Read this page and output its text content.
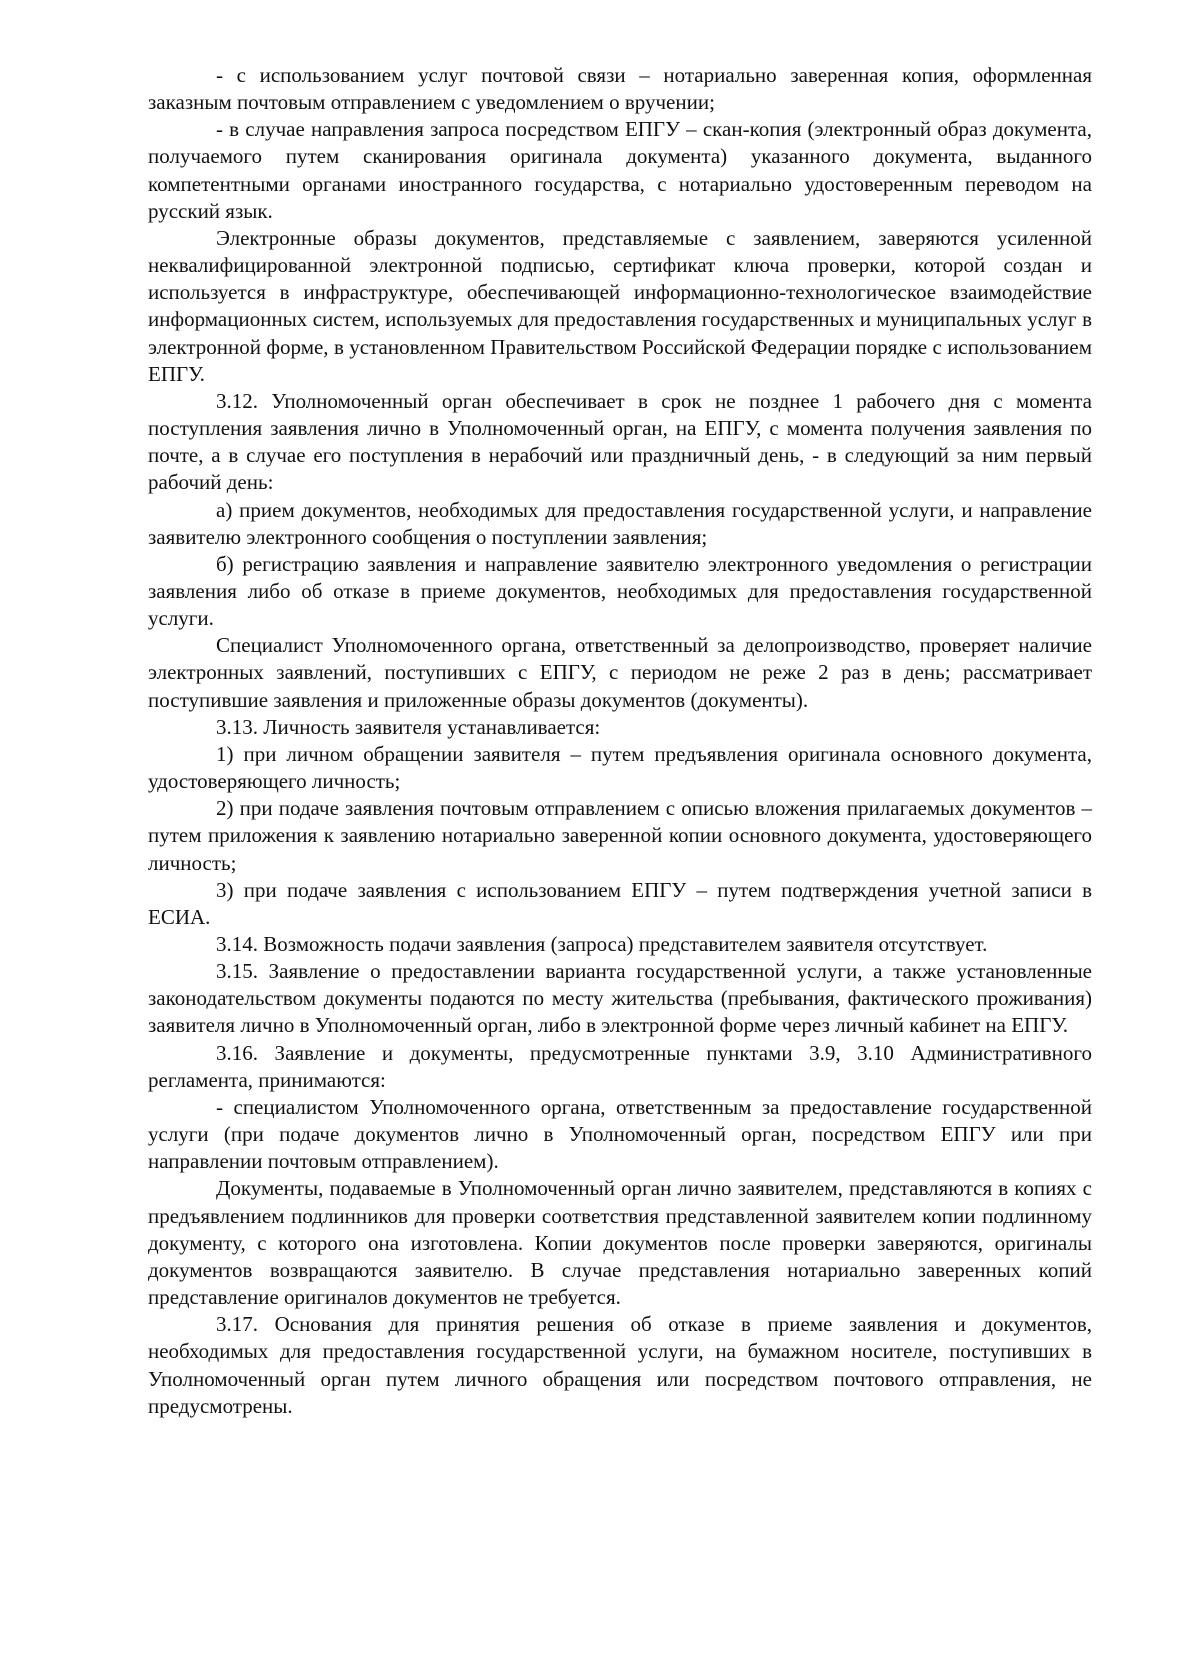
- с использованием услуг почтовой связи – нотариально заверенная копия, оформленная заказным почтовым отправлением с уведомлением о вручении;

- в случае направления запроса посредством ЕПГУ – скан-копия (электронный образ документа, получаемого путем сканирования оригинала документа) указанного документа, выданного компетентными органами иностранного государства, с нотариально удостоверенным переводом на русский язык.

Электронные образы документов, представляемые с заявлением, заверяются усиленной неквалифицированной электронной подписью, сертификат ключа проверки, которой создан и используется в инфраструктуре, обеспечивающей информационно-технологическое взаимодействие информационных систем, используемых для предоставления государственных и муниципальных услуг в электронной форме, в установленном Правительством Российской Федерации порядке с использованием ЕПГУ.

3.12. Уполномоченный орган обеспечивает в срок не позднее 1 рабочего дня с момента поступления заявления лично в Уполномоченный орган, на ЕПГУ, с момента получения заявления по почте, а в случае его поступления в нерабочий или праздничный день, - в следующий за ним первый рабочий день:

а) прием документов, необходимых для предоставления государственной услуги, и направление заявителю электронного сообщения о поступлении заявления;

б) регистрацию заявления и направление заявителю электронного уведомления о регистрации заявления либо об отказе в приеме документов, необходимых для предоставления государственной услуги.

Специалист Уполномоченного органа, ответственный за делопроизводство, проверяет наличие электронных заявлений, поступивших с ЕПГУ, с периодом не реже 2 раз в день; рассматривает поступившие заявления и приложенные образы документов (документы).

3.13. Личность заявителя устанавливается:

1) при личном обращении заявителя – путем предъявления оригинала основного документа, удостоверяющего личность;

2) при подаче заявления почтовым отправлением с описью вложения прилагаемых документов – путем приложения к заявлению нотариально заверенной копии основного документа, удостоверяющего личность;

3) при подаче заявления с использованием ЕПГУ – путем подтверждения учетной записи в ЕСИА.

3.14. Возможность подачи заявления (запроса) представителем заявителя отсутствует.

3.15. Заявление о предоставлении варианта государственной услуги, а также установленные законодательством документы подаются по месту жительства (пребывания, фактического проживания) заявителя лично в Уполномоченный орган, либо в электронной форме через личный кабинет на ЕПГУ.

3.16. Заявление и документы, предусмотренные пунктами 3.9, 3.10 Административного регламента, принимаются:

- специалистом Уполномоченного органа, ответственным за предоставление государственной услуги (при подаче документов лично в Уполномоченный орган, посредством ЕПГУ или при направлении почтовым отправлением).

Документы, подаваемые в Уполномоченный орган лично заявителем, представляются в копиях с предъявлением подлинников для проверки соответствия представленной заявителем копии подлинному документу, с которого она изготовлена. Копии документов после проверки заверяются, оригиналы документов возвращаются заявителю. В случае представления нотариально заверенных копий представление оригиналов документов не требуется.

3.17. Основания для принятия решения об отказе в приеме заявления и документов, необходимых для предоставления государственной услуги, на бумажном носителе, поступивших в Уполномоченный орган путем личного обращения или посредством почтового отправления, не предусмотрены.
